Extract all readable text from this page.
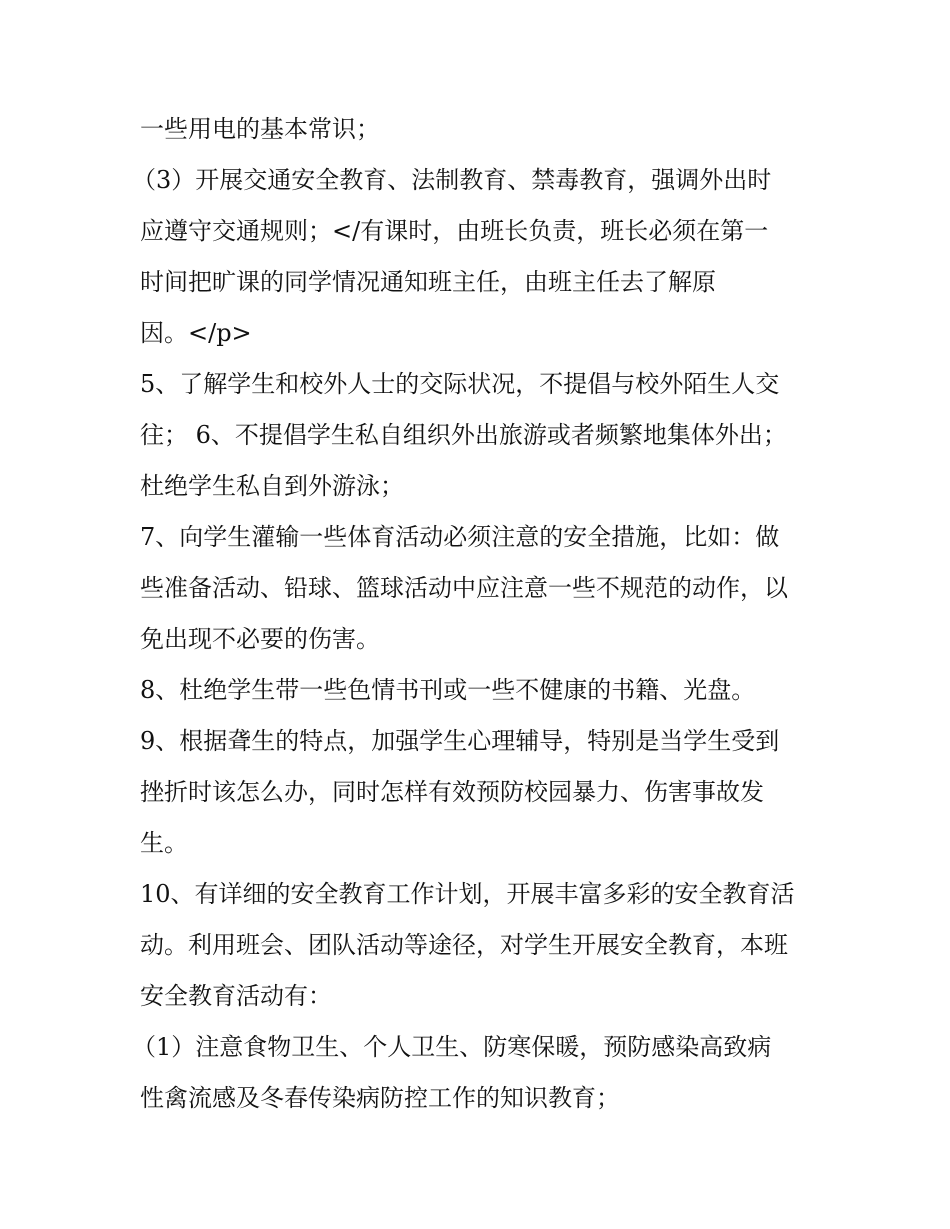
一些用电的基本常识；
（3）开展交通安全教育、法制教育、禁毒教育，强调外出时
应遵守交通规则；</有课时，由班长负责，班长必须在第一
时间把旷课的同学情况通知班主任，由班主任去了解原
因。</p>
5、了解学生和校外人士的交际状况，不提倡与校外陌生人交
往； 6、不提倡学生私自组织外出旅游或者频繁地集体外出；
杜绝学生私自到外游泳；
7、向学生灌输一些体育活动必须注意的安全措施，比如：做
些准备活动、铅球、篮球活动中应注意一些不规范的动作，以
免出现不必要的伤害。
8、杜绝学生带一些色情书刊或一些不健康的书籍、光盘。
9、根据聋生的特点，加强学生心理辅导，特别是当学生受到
挫折时该怎么办，同时怎样有效预防校园暴力、伤害事故发
生。
10、有详细的安全教育工作计划，开展丰富多彩的安全教育活
动。利用班会、团队活动等途径，对学生开展安全教育，本班
安全教育活动有：
（1）注意食物卫生、个人卫生、防寒保暖，预防感染高致病
性禽流感及冬春传染病防控工作的知识教育；
